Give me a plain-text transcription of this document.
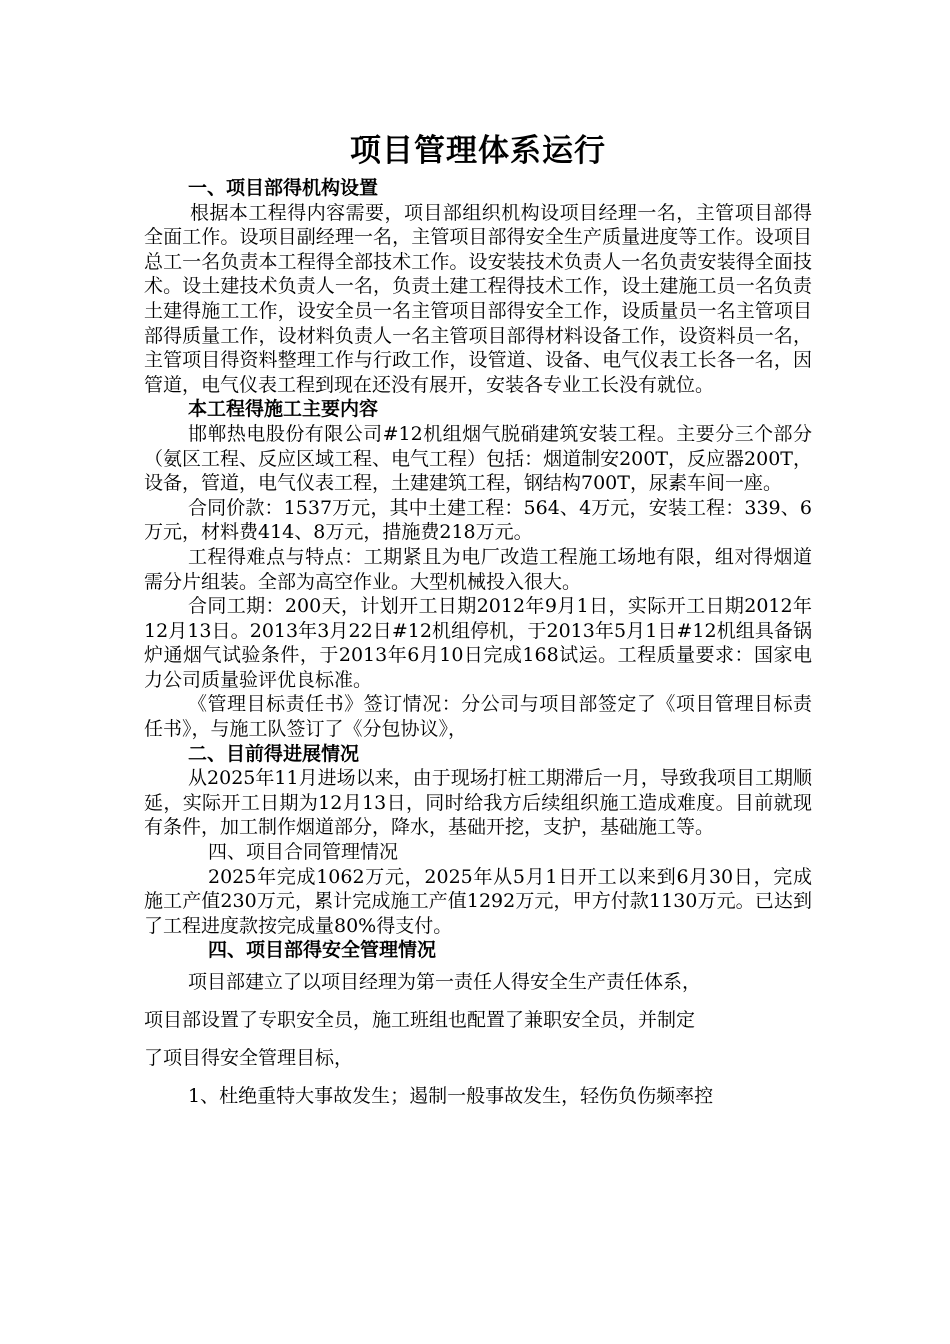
项目管理体系运行
一、项目部得机构设置
根据本工程得内容需要，项目部组织机构设项目经理一名，主管项目部得全面工作。设项目副经理一名，主管项目部得安全生产质量进度等工作。设项目总工一名负责本工程得全部技术工作。设安装技术负责人一名负责安装得全面技术。设土建技术负责人一名，负责土建工程得技术工作，设土建施工员一名负责土建得施工工作，设安全员一名主管项目部得安全工作，设质量员一名主管项目部得质量工作，设材料负责人一名主管项目部得材料设备工作，设资料员一名，主管项目得资料整理工作与行政工作，设管道、设备、电气仪表工长各一名，因管道，电气仪表工程到现在还没有展开，安装各专业工长没有就位。
本工程得施工主要内容
邯郸热电股份有限公司#12机组烟气脱硝建筑安装工程。主要分三个部分（氨区工程、反应区域工程、电气工程）包括：烟道制安200T，反应器200T，设备，管道，电气仪表工程，土建建筑工程，钢结构700T，尿素车间一座。
合同价款：1537万元，其中土建工程：564、4万元，安装工程：339、6万元，材料费414、8万元，措施费218万元。
工程得难点与特点：工期紧且为电厂改造工程施工场地有限，组对得烟道需分片组装。全部为高空作业。大型机械投入很大。
合同工期：200天，计划开工日期2012年9月1日，实际开工日期2012年12月13日。2013年3月22日#12机组停机，于2013年5月1日#12机组具备锅炉通烟气试验条件，于2013年6月10日完成168试运。工程质量要求：国家电力公司质量验评优良标准。
《管理目标责任书》签订情况：分公司与项目部签定了《项目管理目标责任书》，与施工队签订了《分包协议》，
二、目前得进展情况
从2025年11月进场以来，由于现场打桩工期滞后一月，导致我项目工期顺延，实际开工日期为12月13日，同时给我方后续组织施工造成难度。目前就现有条件，加工制作烟道部分，降水，基础开挖，支护，基础施工等。
四、项目合同管理情况
2025年完成1062万元，2025年从5月1日开工以来到6月30日，完成施工产值230万元，累计完成施工产值1292万元，甲方付款1130万元。已达到了工程进度款按完成量80%得支付。
四、项目部得安全管理情况
项目部建立了以项目经理为第一责任人得安全生产责任体系，
项目部设置了专职安全员，施工班组也配置了兼职安全员，并制定
了项目得安全管理目标，
1、杜绝重特大事故发生；遏制一般事故发生，轻伤负伤频率控
